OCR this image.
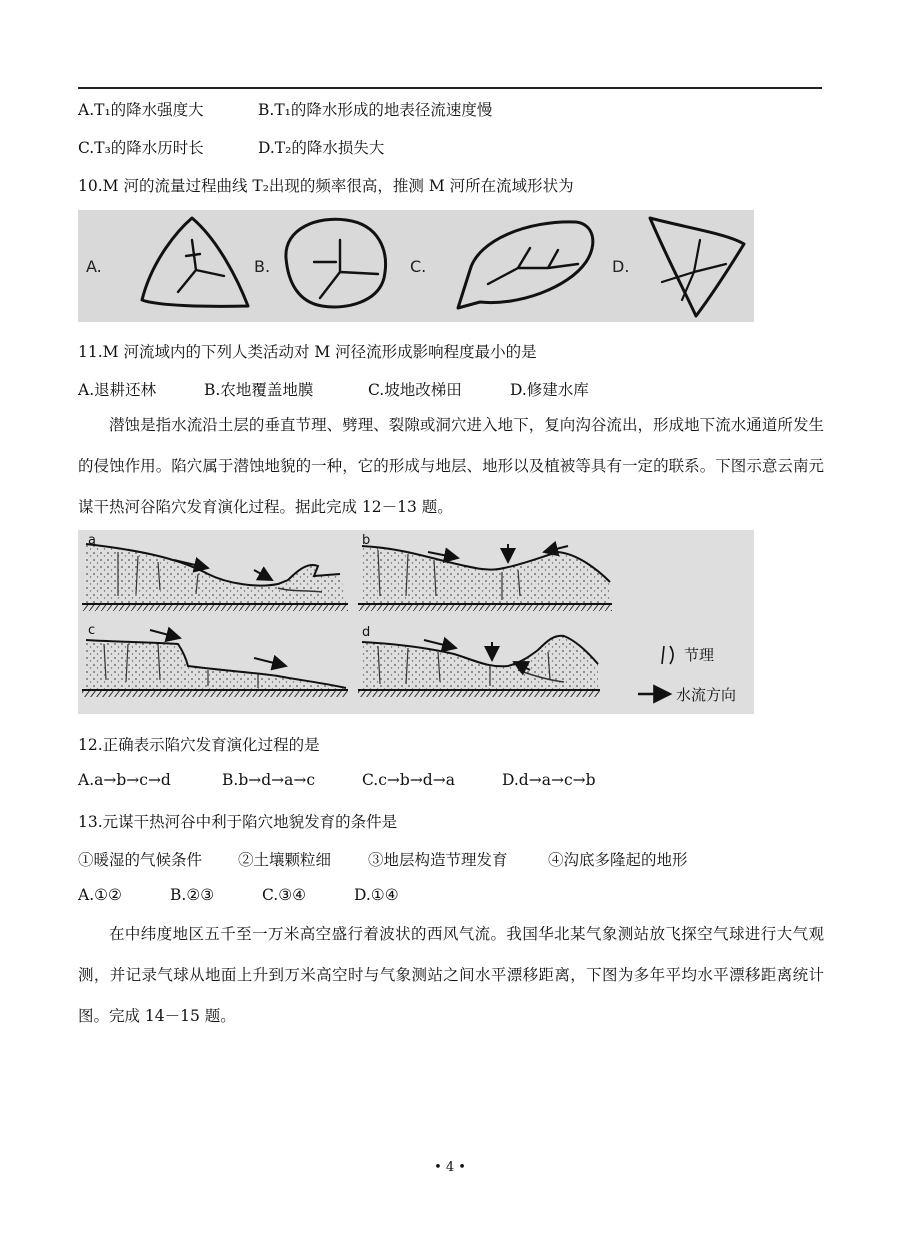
A.T₁的降水强度大	B.T₁的降水形成的地表径流速度慢
C.T₃的降水历时长	D.T₂的降水损失大
10.M 河的流量过程曲线 T₂出现的频率很高，推测 M 河所在流域形状为
A.	B.	C.	D.
11.M 河流域内的下列人类活动对 M 河径流形成影响程度最小的是
A.退耕还林	B.农地覆盖地膜	C.坡地改梯田	D.修建水库
潜蚀是指水流沿土层的垂直节理、劈理、裂隙或洞穴进入地下，复向沟谷流出，形成地下流水通道所发生的侵蚀作用。陷穴属于潜蚀地貌的一种，它的形成与地层、地形以及植被等具有一定的联系。下图示意云南元谋干热河谷陷穴发育演化过程。据此完成 12－13 题。
a	b
c	d
节理
水流方向
12.正确表示陷穴发育演化过程的是
A.a→b→c→d	B.b→d→a→c	C.c→b→d→a	D.d→a→c→b
13.元谋干热河谷中利于陷穴地貌发育的条件是
①暖湿的气候条件 ②土壤颗粒细 ③地层构造节理发育	④沟底多隆起的地形
A.①②	B.②③	C.③④	D.①④
在中纬度地区五千至一万米高空盛行着波状的西风气流。我国华北某气象测站放飞探空气球进行大气观测，并记录气球从地面上升到万米高空时与气象测站之间水平漂移距离，下图为多年平均水平漂移距离统计图。完成 14－15 题。
• 4 •
